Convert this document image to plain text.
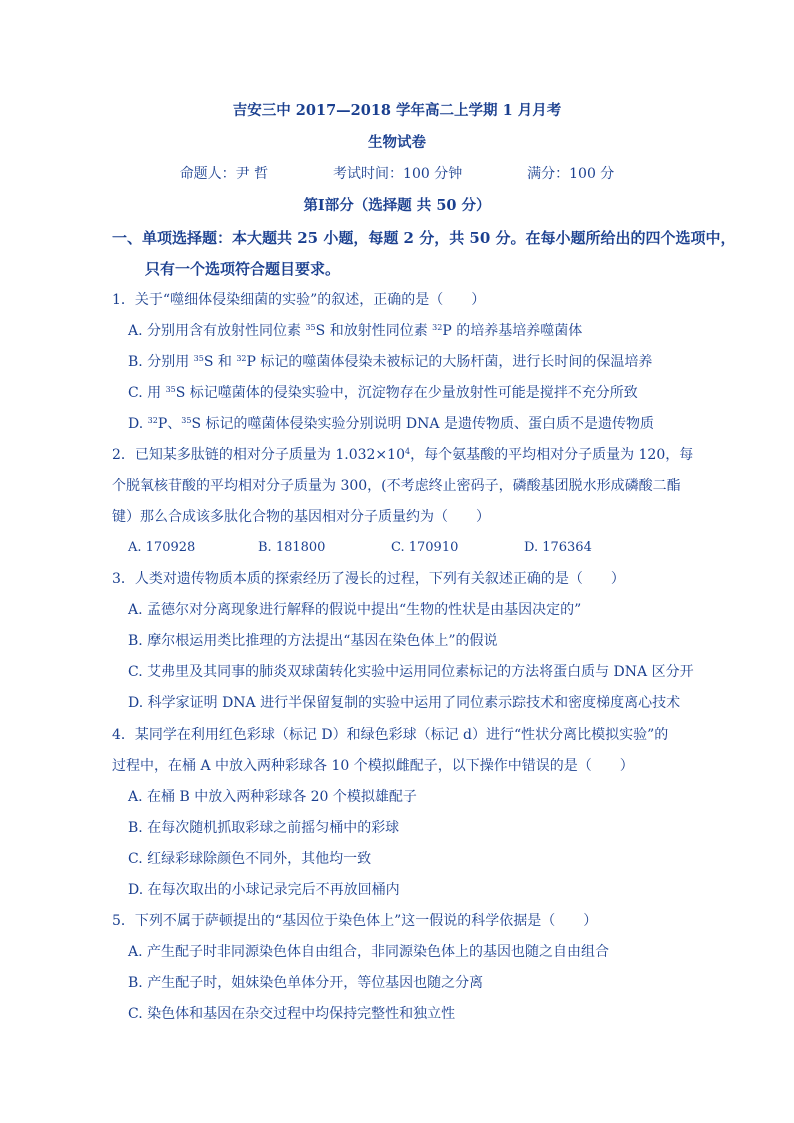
吉安三中 2017—2018 学年高二上学期 1 月月考
生物试卷
命题人：尹 哲	考试时间：100 分钟	满分：100 分
第Ⅰ部分（选择题 共 50 分）
一、单项选择题：本大题共 25 小题，每题 2 分，共 50 分。在每小题所给出的四个选项中，
只有一个选项符合题目要求。
1．关于“噬细体侵染细菌的实验”的叙述，正确的是（　　）
A. 分别用含有放射性同位素 $^{35}$S 和放射性同位素 $^{32}$P 的培养基培养噬菌体
B. 分别用 $^{35}$S 和 $^{32}$P 标记的噬菌体侵染未被标记的大肠杆菌，进行长时间的保温培养
C. 用 $^{35}$S 标记噬菌体的侵染实验中，沉淀物存在少量放射性可能是搅拌不充分所致
D. $^{32}$P、$^{35}$S 标记的噬菌体侵染实验分别说明 DNA 是遗传物质、蛋白质不是遗传物质
2．已知某多肽链的相对分子质量为 $1.032\times 10^4$，每个氨基酸的平均相对分子质量为 120，每
个脱氧核苷酸的平均相对分子质量为 300，(不考虑终止密码子，磷酸基团脱水形成磷酸二酯
键）那么合成该多肽化合物的基因相对分子质量约为（　　）
A. 170928	B. 181800	C. 170910	D. 176364
3．人类对遗传物质本质的探索经历了漫长的过程，下列有关叙述正确的是（　　）
A. 孟德尔对分离现象进行解释的假说中提出“生物的性状是由基因决定的”
B. 摩尔根运用类比推理的方法提出“基因在染色体上”的假说
C. 艾弗里及其同事的肺炎双球菌转化实验中运用同位素标记的方法将蛋白质与 DNA 区分开
D. 科学家证明 DNA 进行半保留复制的实验中运用了同位素示踪技术和密度梯度离心技术
4．某同学在利用红色彩球（标记 D）和绿色彩球（标记 d）进行“性状分离比模拟实验”的
过程中，在桶 A 中放入两种彩球各 10 个模拟雌配子，以下操作中错误的是（　　）
A. 在桶 B 中放入两种彩球各 20 个模拟雄配子
B. 在每次随机抓取彩球之前摇匀桶中的彩球
C. 红绿彩球除颜色不同外，其他均一致
D. 在每次取出的小球记录完后不再放回桶内
5．下列不属于萨顿提出的“基因位于染色体上”这一假说的科学依据是（　　）
A. 产生配子时非同源染色体自由组合，非同源染色体上的基因也随之自由组合
B. 产生配子时，姐妹染色单体分开，等位基因也随之分离
C. 染色体和基因在杂交过程中均保持完整性和独立性
